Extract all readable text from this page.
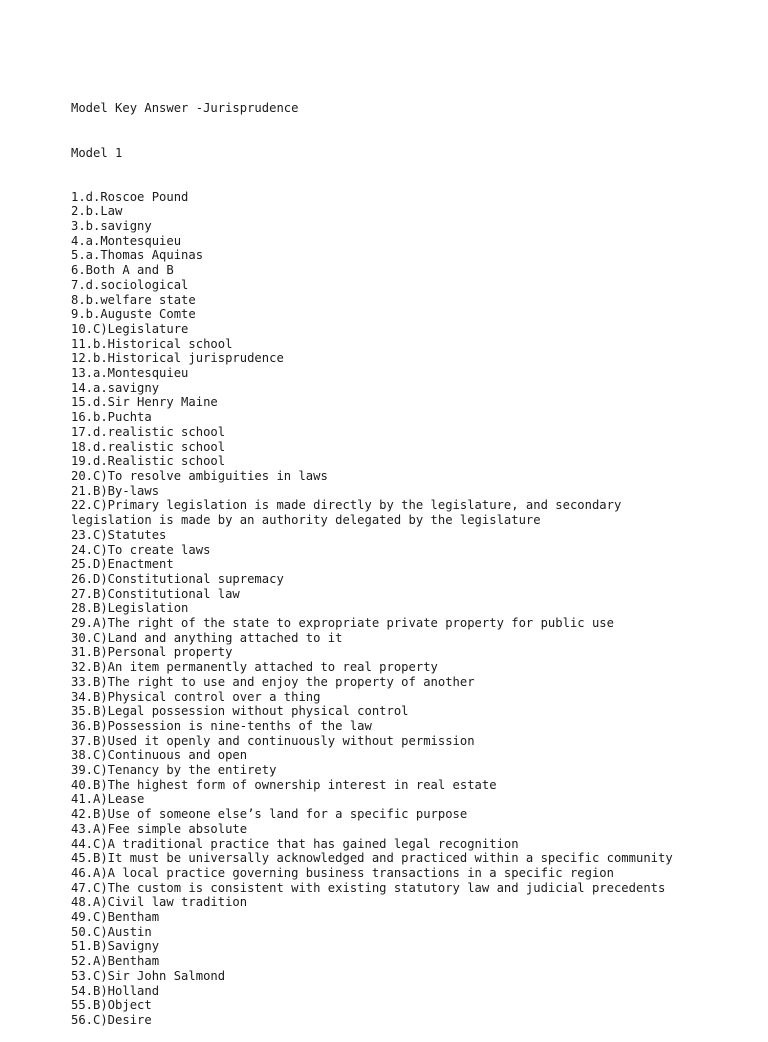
Model Key Answer -Jurisprudence

Model 1

1.d.Roscoe Pound
2.b.Law
3.b.savigny
4.a.Montesquieu
5.a.Thomas Aquinas
6.Both A and B
7.d.sociological
8.b.welfare state
9.b.Auguste Comte
10.C)Legislature
11.b.Historical school
12.b.Historical jurisprudence
13.a.Montesquieu
14.a.savigny
15.d.Sir Henry Maine
16.b.Puchta
17.d.realistic school
18.d.realistic school
19.d.Realistic school
20.C)To resolve ambiguities in laws
21.B)By-laws
22.C)Primary legislation is made directly by the legislature, and secondary
legislation is made by an authority delegated by the legislature
23.C)Statutes
24.C)To create laws
25.D)Enactment
26.D)Constitutional supremacy
27.B)Constitutional law
28.B)Legislation
29.A)The right of the state to expropriate private property for public use
30.C)Land and anything attached to it
31.B)Personal property
32.B)An item permanently attached to real property
33.B)The right to use and enjoy the property of another
34.B)Physical control over a thing
35.B)Legal possession without physical control
36.B)Possession is nine-tenths of the law
37.B)Used it openly and continuously without permission
38.C)Continuous and open
39.C)Tenancy by the entirety
40.B)The highest form of ownership interest in real estate
41.A)Lease
42.B)Use of someone else’s land for a specific purpose
43.A)Fee simple absolute
44.C)A traditional practice that has gained legal recognition
45.B)It must be universally acknowledged and practiced within a specific community
46.A)A local practice governing business transactions in a specific region
47.C)The custom is consistent with existing statutory law and judicial precedents
48.A)Civil law tradition
49.C)Bentham
50.C)Austin
51.B)Savigny
52.A)Bentham
53.C)Sir John Salmond
54.B)Holland
55.B)Object
56.C)Desire
